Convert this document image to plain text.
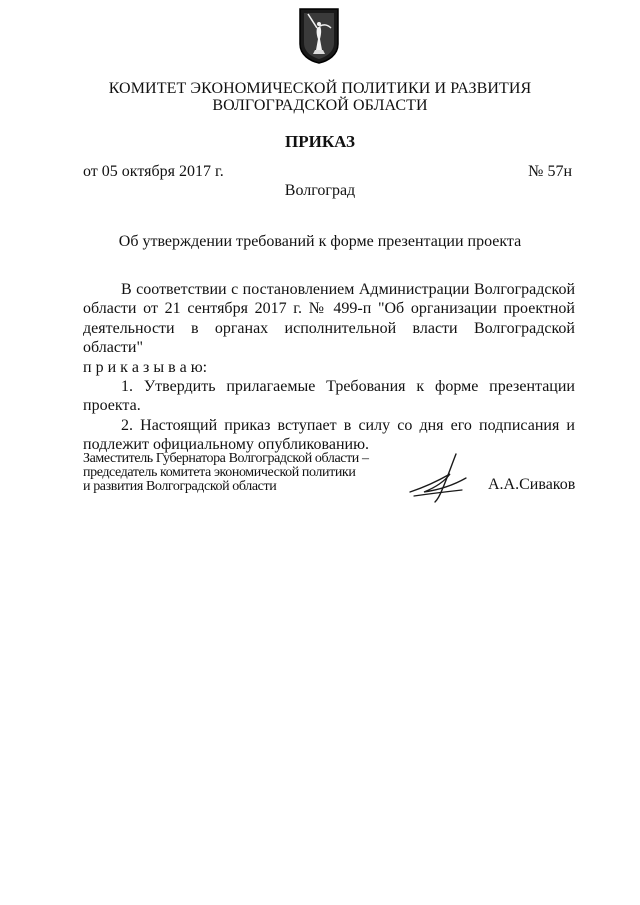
КОМИТЕТ ЭКОНОМИЧЕСКОЙ ПОЛИТИКИ И РАЗВИТИЯ
ВОЛГОГРАДСКОЙ ОБЛАСТИ
ПРИКАЗ
от 05 октября 2017 г.	№ 57н
Волгоград
Об утверждении требований к форме презентации проекта

В соответствии с постановлением Администрации Волгоградской области от 21 сентября 2017 г. № 499-п "Об организации проектной деятельности в органах исполнительной власти Волгоградской области"

п р и к а з ы в а ю:

1. Утвердить прилагаемые Требования к форме презентации проекта.

2. Настоящий приказ вступает в силу со дня его подписания и подлежит официальному опубликованию.

Заместитель Губернатора Волгоградской области –
председатель комитета экономической политики
и развития Волгоградской области	А.А.Сиваков
